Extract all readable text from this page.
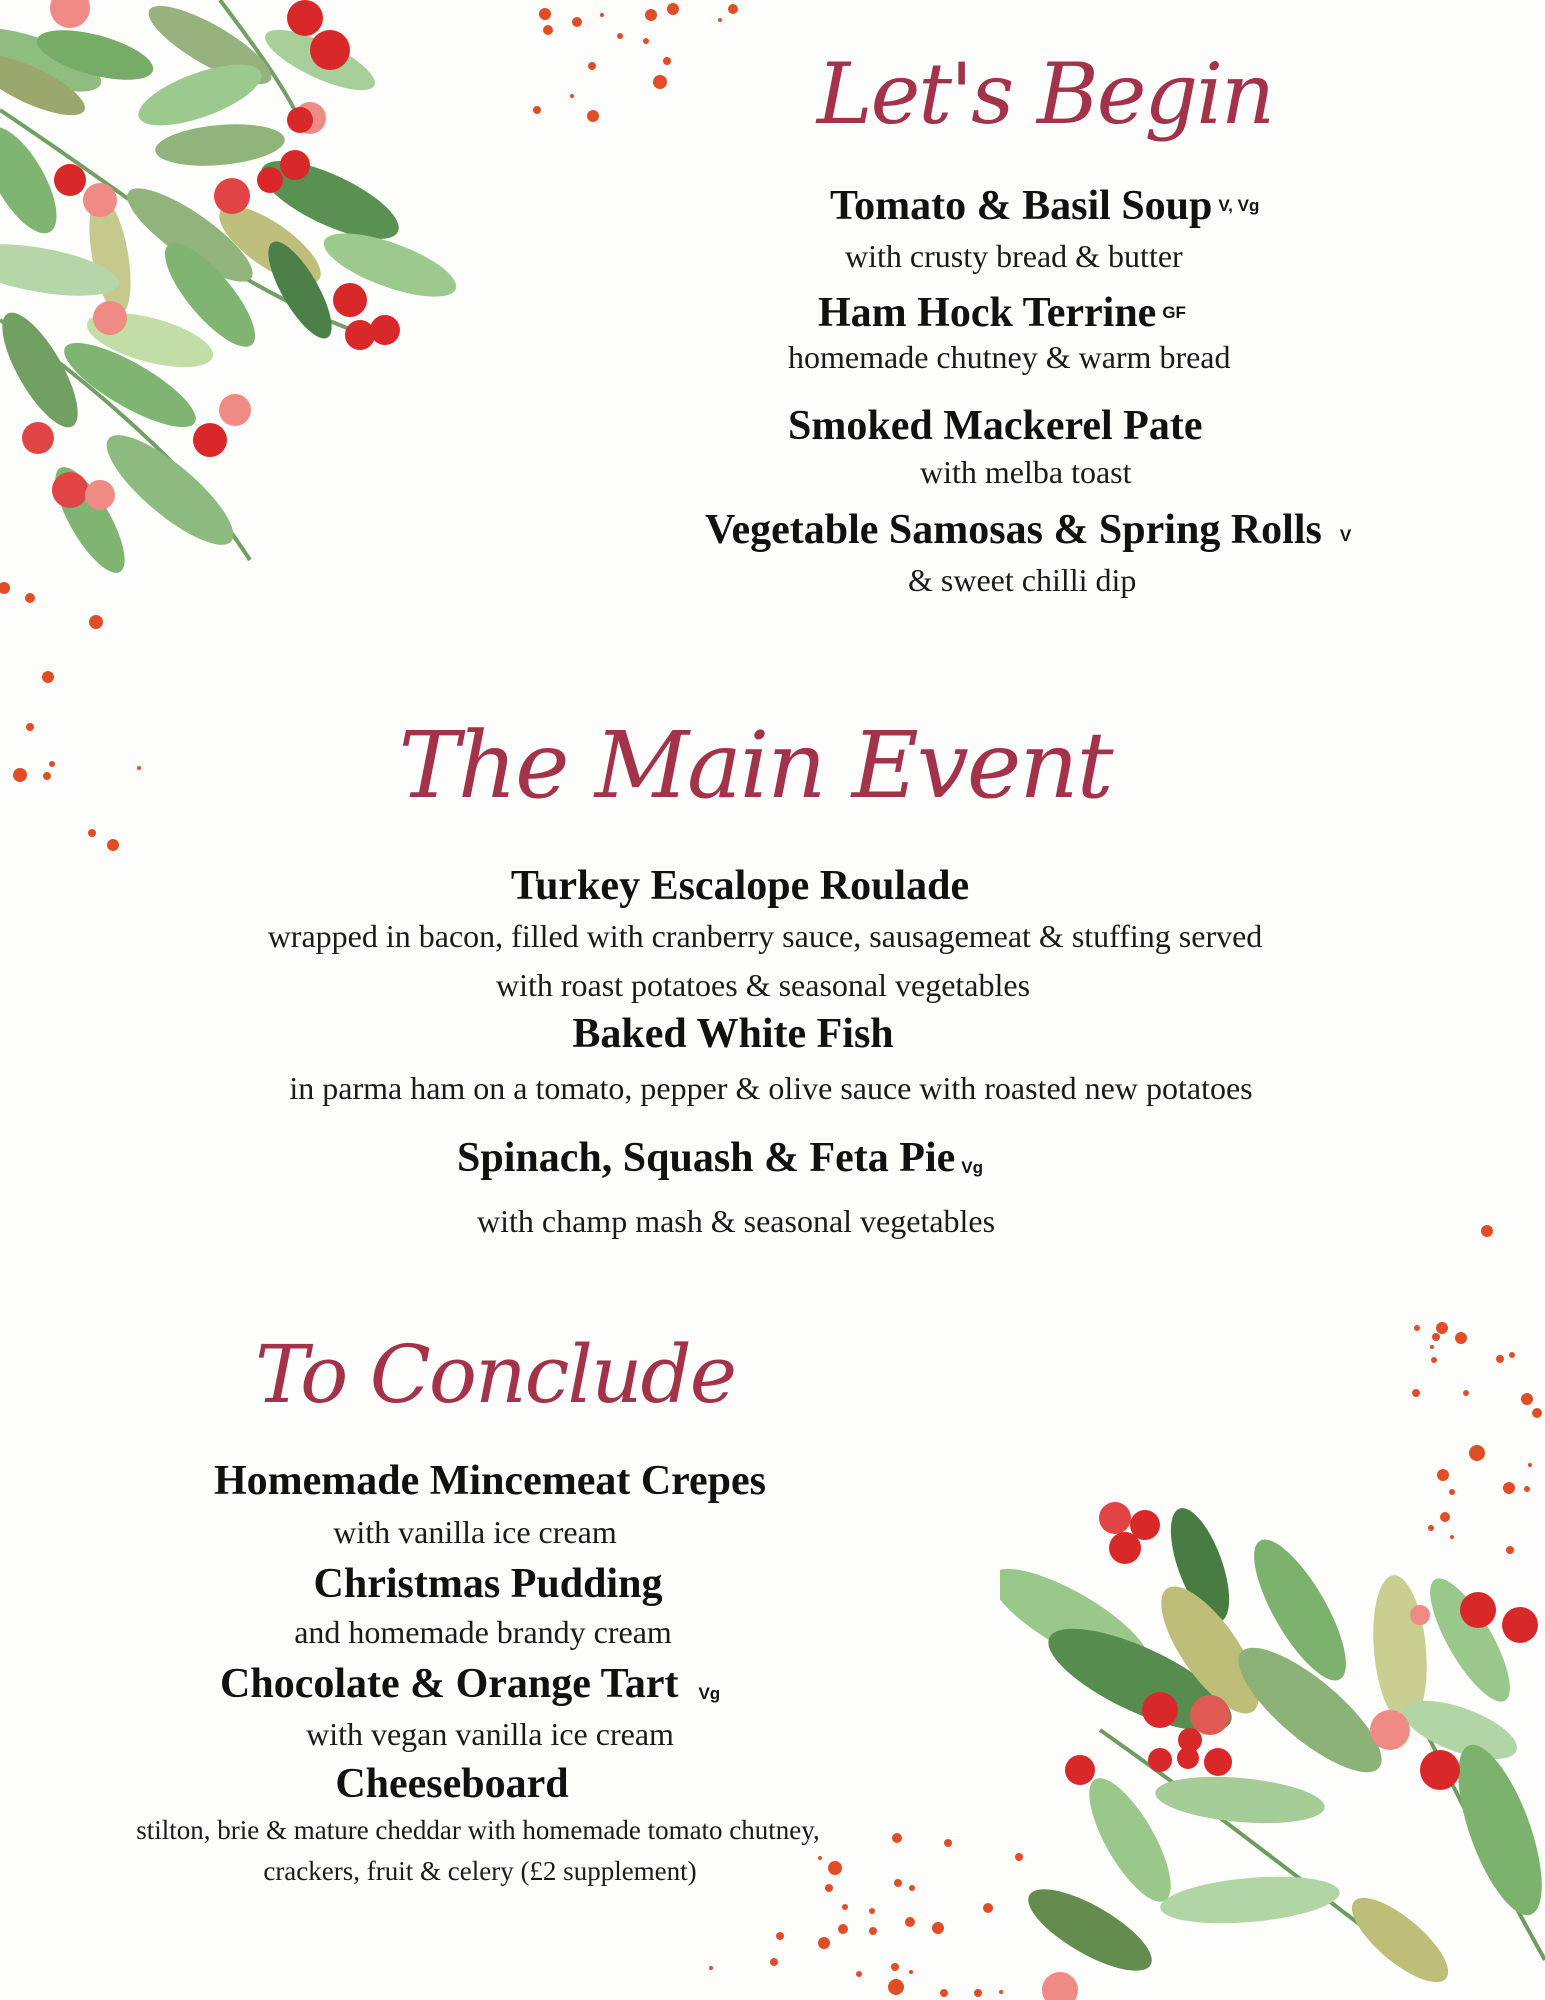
Let's Begin
Tomato & Basil Soup V, Vg
with crusty bread & butter
Ham Hock Terrine GF
homemade chutney & warm bread
Smoked Mackerel Pate
with melba toast
Vegetable Samosas & Spring Rolls V
& sweet chilli dip
The Main Event
Turkey Escalope Roulade
wrapped in bacon, filled with cranberry sauce, sausagemeat & stuffing served
with roast potatoes & seasonal vegetables
Baked White Fish
in parma ham on a tomato, pepper & olive sauce with roasted new potatoes
Spinach, Squash & Feta Pie Vg
with champ mash & seasonal vegetables
To Conclude
Homemade Mincemeat Crepes
with vanilla ice cream
Christmas Pudding
and homemade brandy cream
Chocolate & Orange Tart Vg
with vegan vanilla ice cream
Cheeseboard
stilton, brie & mature cheddar with homemade tomato chutney,
crackers, fruit & celery (£2 supplement)
